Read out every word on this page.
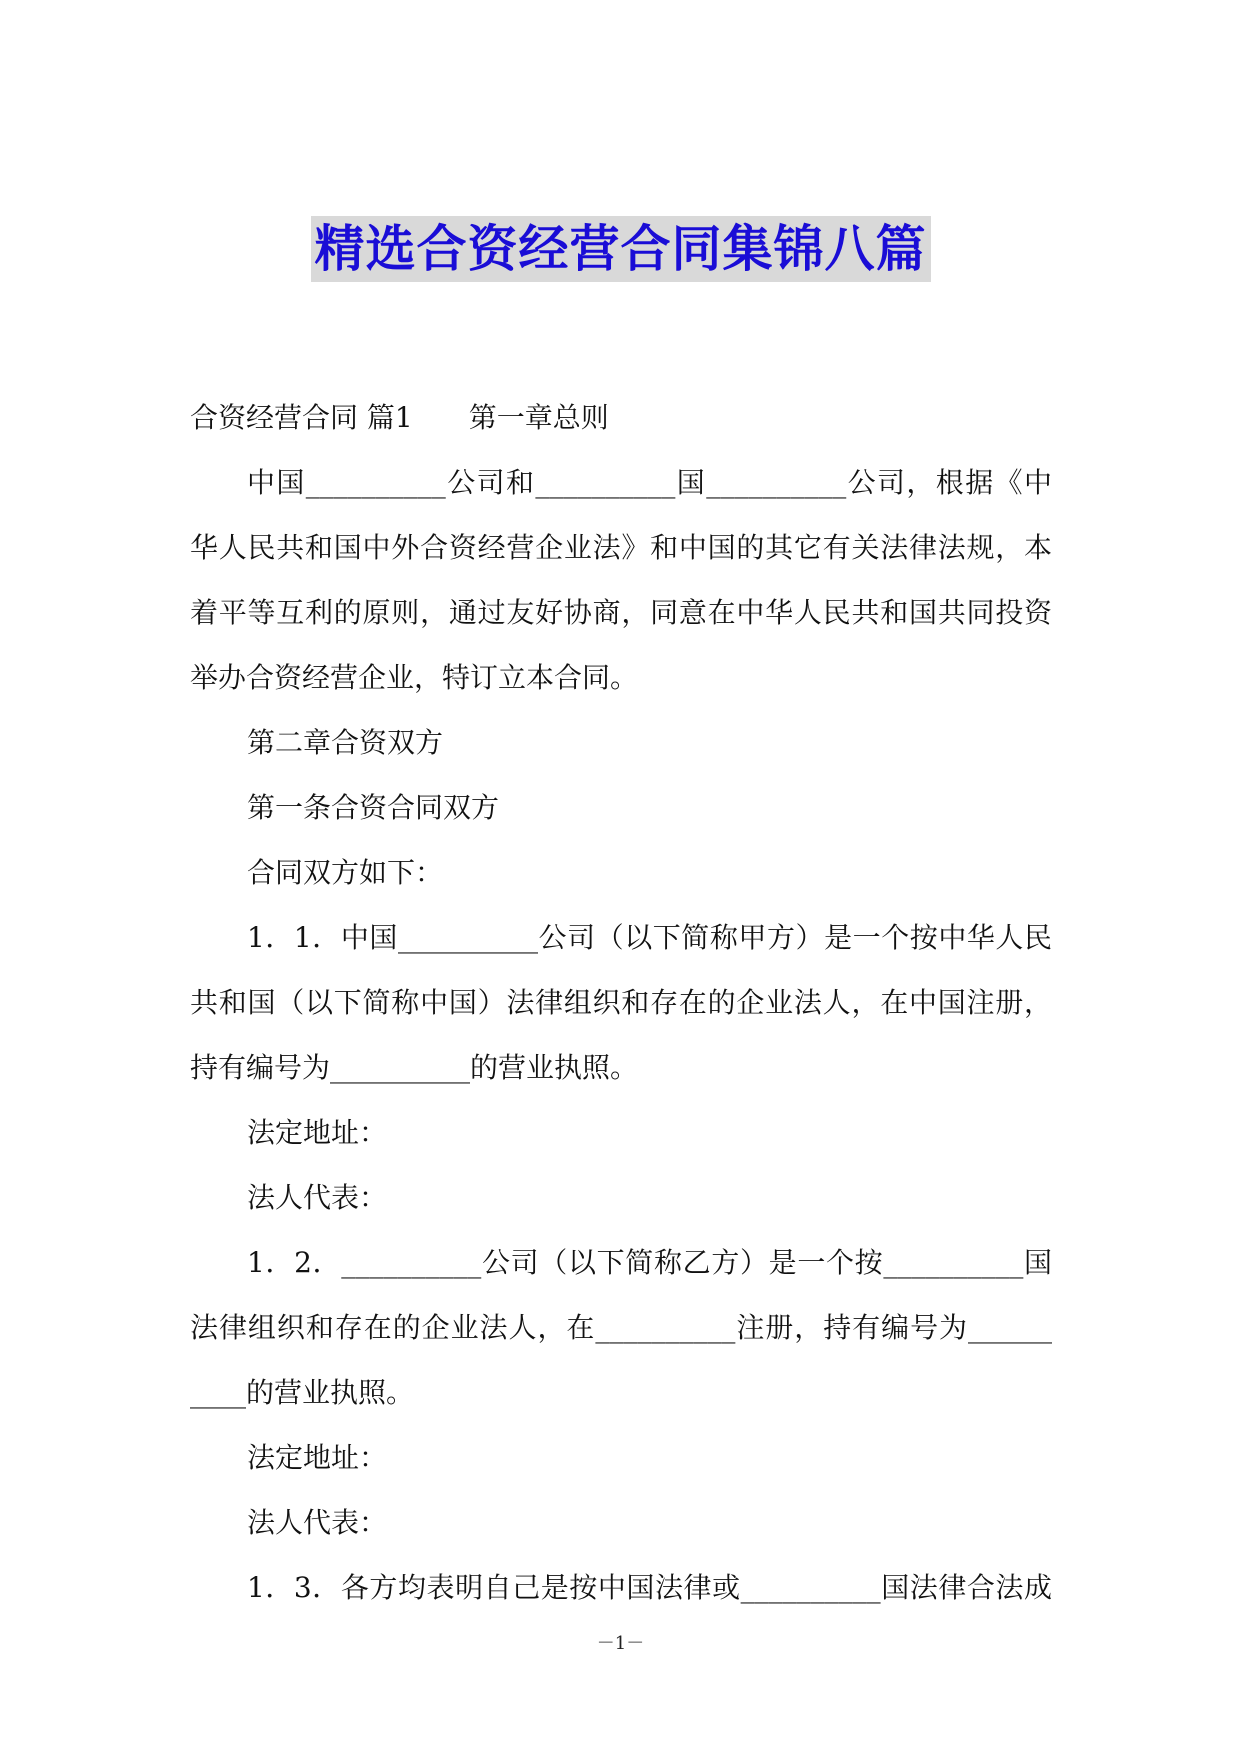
精选合资经营合同集锦八篇
合资经营合同 篇1　　第一章总则
中国__________公司和__________国__________公司，根据《中
华人民共和国中外合资经营企业法》和中国的其它有关法律法规，本
着平等互利的原则，通过友好协商，同意在中华人民共和国共同投资
举办合资经营企业，特订立本合同。
第二章合资双方
第一条合资合同双方
合同双方如下：
1．1．中国__________公司（以下简称甲方）是一个按中华人民
共和国（以下简称中国）法律组织和存在的企业法人，在中国注册，
持有编号为__________的营业执照。
法定地址：
法人代表：
1．2．__________公司（以下简称乙方）是一个按__________国
法律组织和存在的企业法人，在__________注册，持有编号为______
____的营业执照。
法定地址：
法人代表：
1．3．各方均表明自己是按中国法律或__________国法律合法成
－1－
